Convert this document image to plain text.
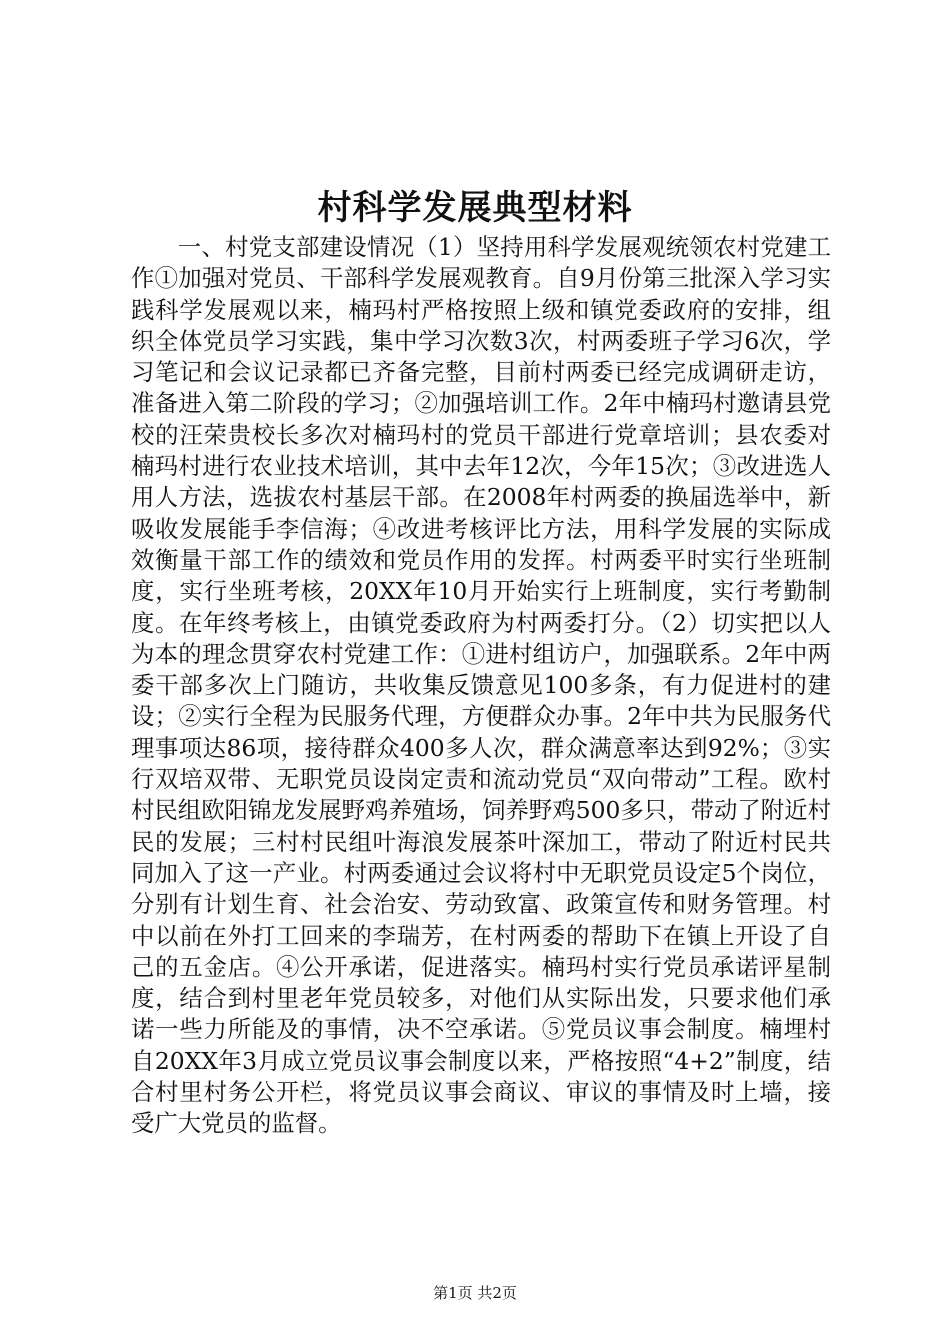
村科学发展典型材料

一、村党支部建设情况（1）坚持用科学发展观统领农村党建工作①加强对党员、干部科学发展观教育。自9月份第三批深入学习实践科学发展观以来，楠玛村严格按照上级和镇党委政府的安排，组织全体党员学习实践，集中学习次数3次，村两委班子学习6次，学习笔记和会议记录都已齐备完整，目前村两委已经完成调研走访，准备进入第二阶段的学习；②加强培训工作。2年中楠玛村邀请县党校的汪荣贵校长多次对楠玛村的党员干部进行党章培训；县农委对楠玛村进行农业技术培训，其中去年12次，今年15次；③改进选人用人方法，选拔农村基层干部。在2008年村两委的换届选举中，新吸收发展能手李信海；④改进考核评比方法，用科学发展的实际成效衡量干部工作的绩效和党员作用的发挥。村两委平时实行坐班制度，实行坐班考核，20XX年10月开始实行上班制度，实行考勤制度。在年终考核上，由镇党委政府为村两委打分。（2）切实把以人为本的理念贯穿农村党建工作：①进村组访户，加强联系。2年中两委干部多次上门随访，共收集反馈意见100多条，有力促进村的建设；②实行全程为民服务代理，方便群众办事。2年中共为民服务代理事项达86项，接待群众400多人次，群众满意率达到92%；③实行双培双带、无职党员设岗定责和流动党员“双向带动”工程。欧村村民组欧阳锦龙发展野鸡养殖场，饲养野鸡500多只，带动了附近村民的发展；三村村民组叶海浪发展茶叶深加工，带动了附近村民共同加入了这一产业。村两委通过会议将村中无职党员设定5个岗位，分别有计划生育、社会治安、劳动致富、政策宣传和财务管理。村中以前在外打工回来的李瑞芳，在村两委的帮助下在镇上开设了自己的五金店。④公开承诺，促进落实。楠玛村实行党员承诺评星制度，结合到村里老年党员较多，对他们从实际出发，只要求他们承诺一些力所能及的事情，决不空承诺。⑤党员议事会制度。楠埋村自20XX年3月成立党员议事会制度以来，严格按照“4+2”制度，结合村里村务公开栏，将党员议事会商议、审议的事情及时上墙，接受广大党员的监督。

第1页 共2页
